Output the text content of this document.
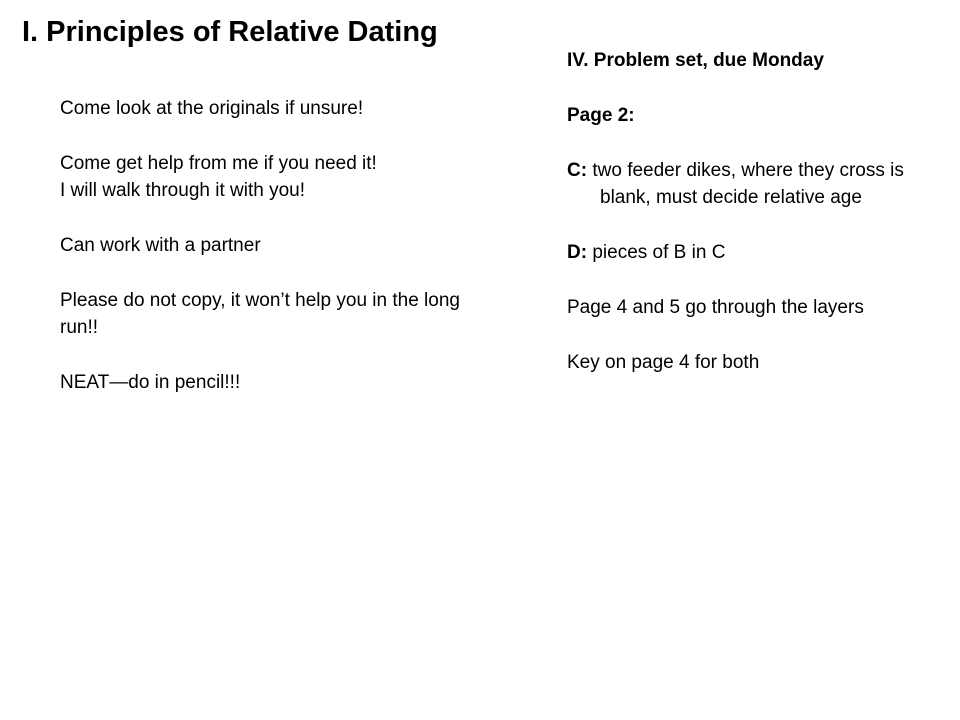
I. Principles of Relative Dating

Come look at the originals if unsure!

Come get help from me if you need it!

I will walk through it with you!

Can work with a partner

Please do not copy, it won’t help you in the long run!!

NEAT—do in pencil!!!

IV. Problem set, due Monday

Page 2:

C: two feeder dikes, where they cross is blank, must decide relative age

D: pieces of B in C

Page 4 and 5 go through the layers

Key on page 4 for both
